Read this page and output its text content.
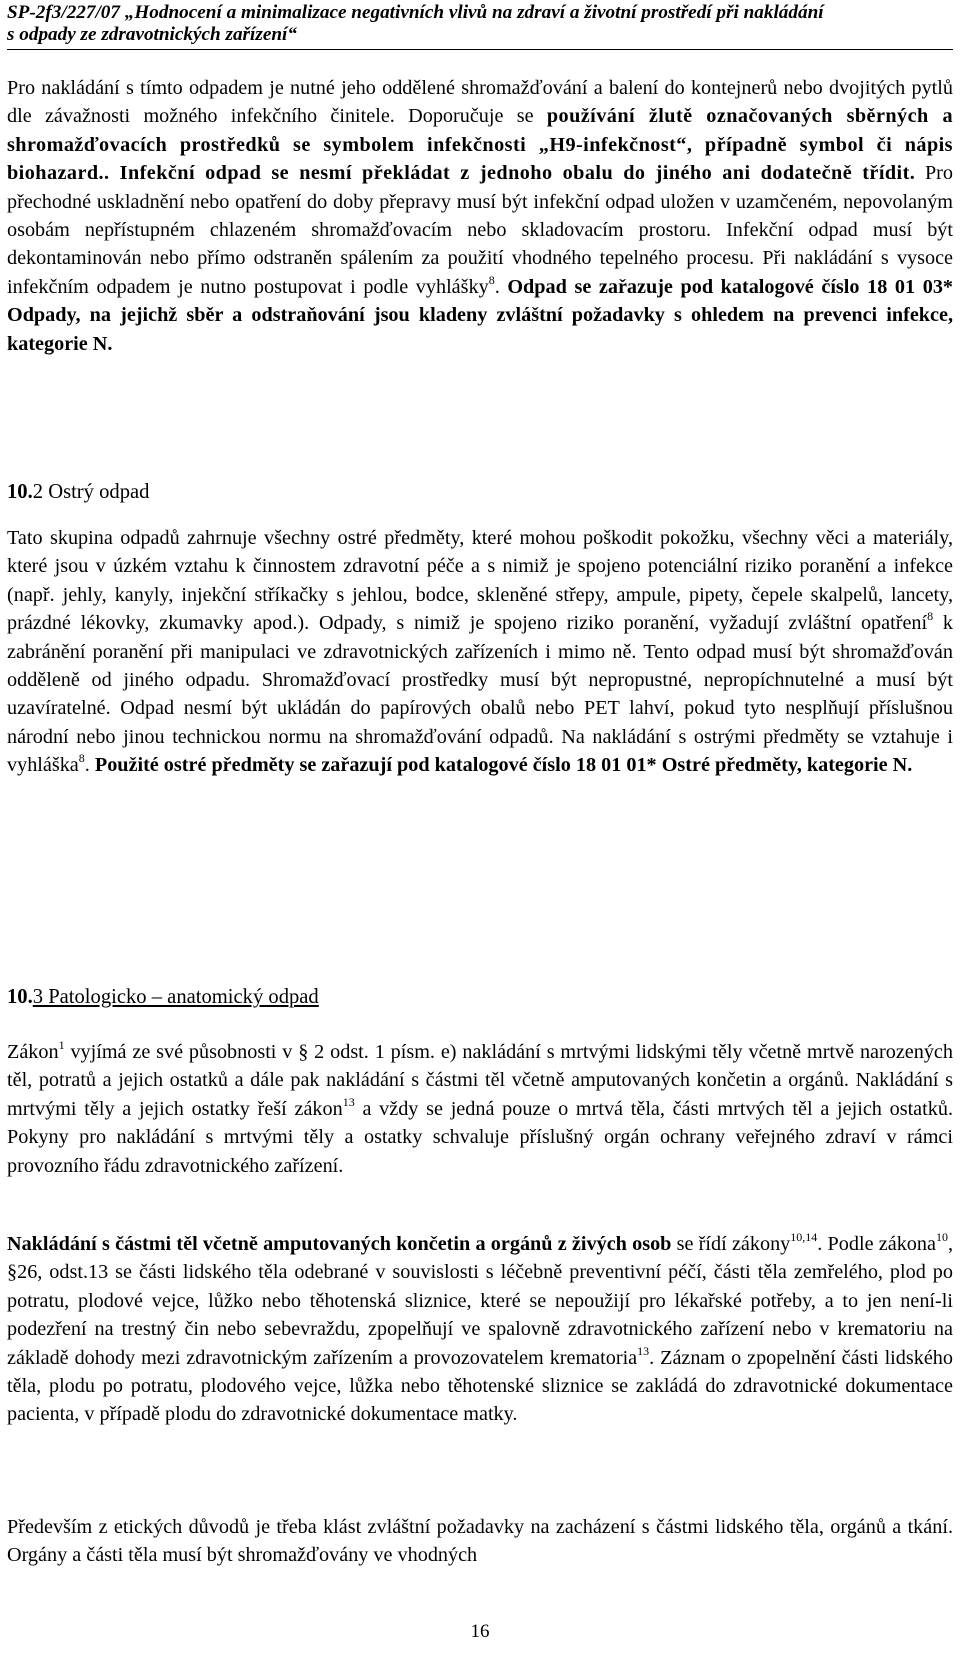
SP-2f3/227/07 „Hodnocení a minimalizace negativních vlivů na zdraví a životní prostředí při nakládání
s odpady ze zdravotnických zařízení“
Pro nakládání s tímto odpadem je nutné jeho oddělené shromažďování a balení do kontejnerů nebo dvojitých pytlů dle závažnosti možného infekčního činitele. Doporučuje se používání žlutě označovaných sběrných a shromažďovacích prostředků se symbolem infekčnosti „H9-infekčnost“, případně symbol či nápis biohazard.. Infekční odpad se nesmí překládat z jednoho obalu do jiného ani dodatečně třídit. Pro přechodné uskladnění nebo opatření do doby přepravy musí být infekční odpad uložen v uzamčeném, nepovolaným osobám nepřístupném chlazeném shromažďovacím nebo skladovacím prostoru. Infekční odpad musí být dekontaminován nebo přímo odstraněn spálením za použití vhodného tepelného procesu. Při nakládání s vysoce infekčním odpadem je nutno postupovat i podle vyhlášky$^8$. Odpad se zařazuje pod katalogové číslo 18 01 03* Odpady, na jejichž sběr a odstraňování jsou kladeny zvláštní požadavky s ohledem na prevenci infekce, kategorie N.
10.2 Ostrý odpad
Tato skupina odpadů zahrnuje všechny ostré předměty, které mohou poškodit pokožku, všechny věci a materiály, které jsou v úzkém vztahu k činnostem zdravotní péče a s nimiž je spojeno potenciální riziko poranění a infekce (např. jehly, kanyly, injekční stříkačky s jehlou, bodce, skleněné střepy, ampule, pipety, čepele skalpelů, lancety, prázdné lékovky, zkumavky apod.). Odpady, s nimiž je spojeno riziko poranění, vyžadují zvláštní opatření$^8$ k zabránění poranění při manipulaci ve zdravotnických zařízeních i mimo ně. Tento odpad musí být shromažďován odděleně od jiného odpadu. Shromažďovací prostředky musí být nepropustné, nepropíchnutelné a musí být uzavíratelné. Odpad nesmí být ukládán do papírových obalů nebo PET lahví, pokud tyto nesplňují příslušnou národní nebo jinou technickou normu na shromažďování odpadů. Na nakládání s ostrými předměty se vztahuje i vyhláška$^8$. Použité ostré předměty se zařazují pod katalogové číslo 18 01 01* Ostré předměty, kategorie N.
10.3 Patologicko – anatomický odpad
Zákon$^1$ vyjímá ze své působnosti v § 2 odst. 1 písm. e) nakládání s mrtvými lidskými těly včetně mrtvě narozených těl, potratů a jejich ostatků a dále pak nakládání s částmi těl včetně amputovaných končetin a orgánů. Nakládání s mrtvými těly a jejich ostatky řeší zákon$^{13}$ a vždy se jedná pouze o mrtvá těla, části mrtvých těl a jejich ostatků. Pokyny pro nakládání s mrtvými těly a ostatky schvaluje příslušný orgán ochrany veřejného zdraví v rámci provozního řádu zdravotnického zařízení.
Nakládání s částmi těl včetně amputovaných končetin a orgánů z živých osob se řídí zákony$^{10,14}$. Podle zákona$^{10}$, §26, odst.13 se části lidského těla odebrané v souvislosti s léčebně preventivní péčí, části těla zemřelého, plod po potratu, plodové vejce, lůžko nebo těhotenská sliznice, které se nepoužijí pro lékařské potřeby, a to jen není-li podezření na trestný čin nebo sebevraždu, zpopelňují ve spalovně zdravotnického zařízení nebo v krematoriu na základě dohody mezi zdravotnickým zařízením a provozovatelem krematoria$^{13}$. Záznam o zpopelnění části lidského těla, plodu po potratu, plodového vejce, lůžka nebo těhotenské sliznice se zakládá do zdravotnické dokumentace pacienta, v případě plodu do zdravotnické dokumentace matky.
Především z etických důvodů je třeba klást zvláštní požadavky na zacházení s částmi lidského těla, orgánů a tkání. Orgány a části těla musí být shromažďovány ve vhodných
16
